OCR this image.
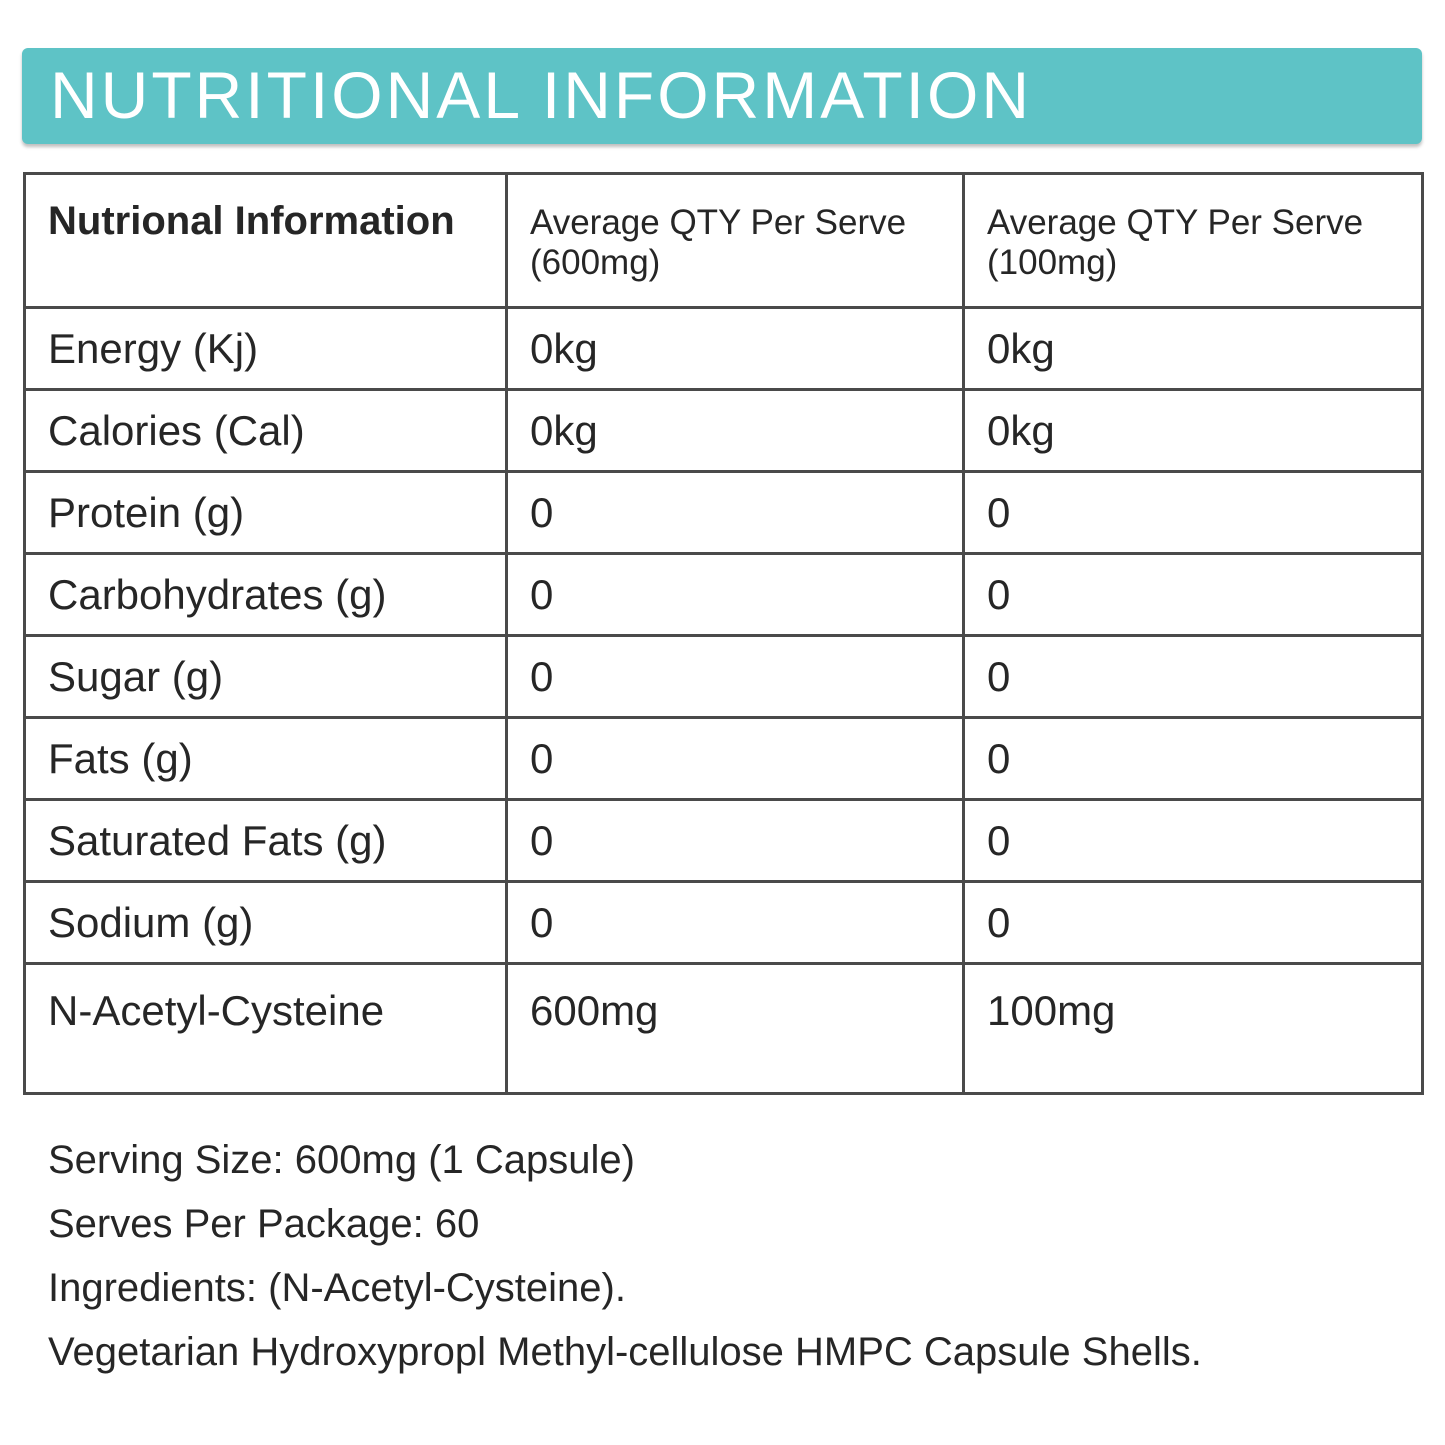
NUTRITIONAL INFORMATION
Nutrional Information	Average QTY Per Serve (600mg)	Average QTY Per Serve (100mg)
Energy (Kj)	0kg	0kg
Calories (Cal)	0kg	0kg
Protein (g)	0	0
Carbohydrates (g)	0	0
Sugar (g)	0	0
Fats (g)	0	0
Saturated Fats (g)	0	0
Sodium (g)	0	0
N-Acetyl-Cysteine	600mg	100mg
Serving Size: 600mg (1 Capsule)
Serves Per Package: 60
Ingredients: (N-Acetyl-Cysteine).
Vegetarian Hydroxypropl Methyl-cellulose HMPC Capsule Shells.
